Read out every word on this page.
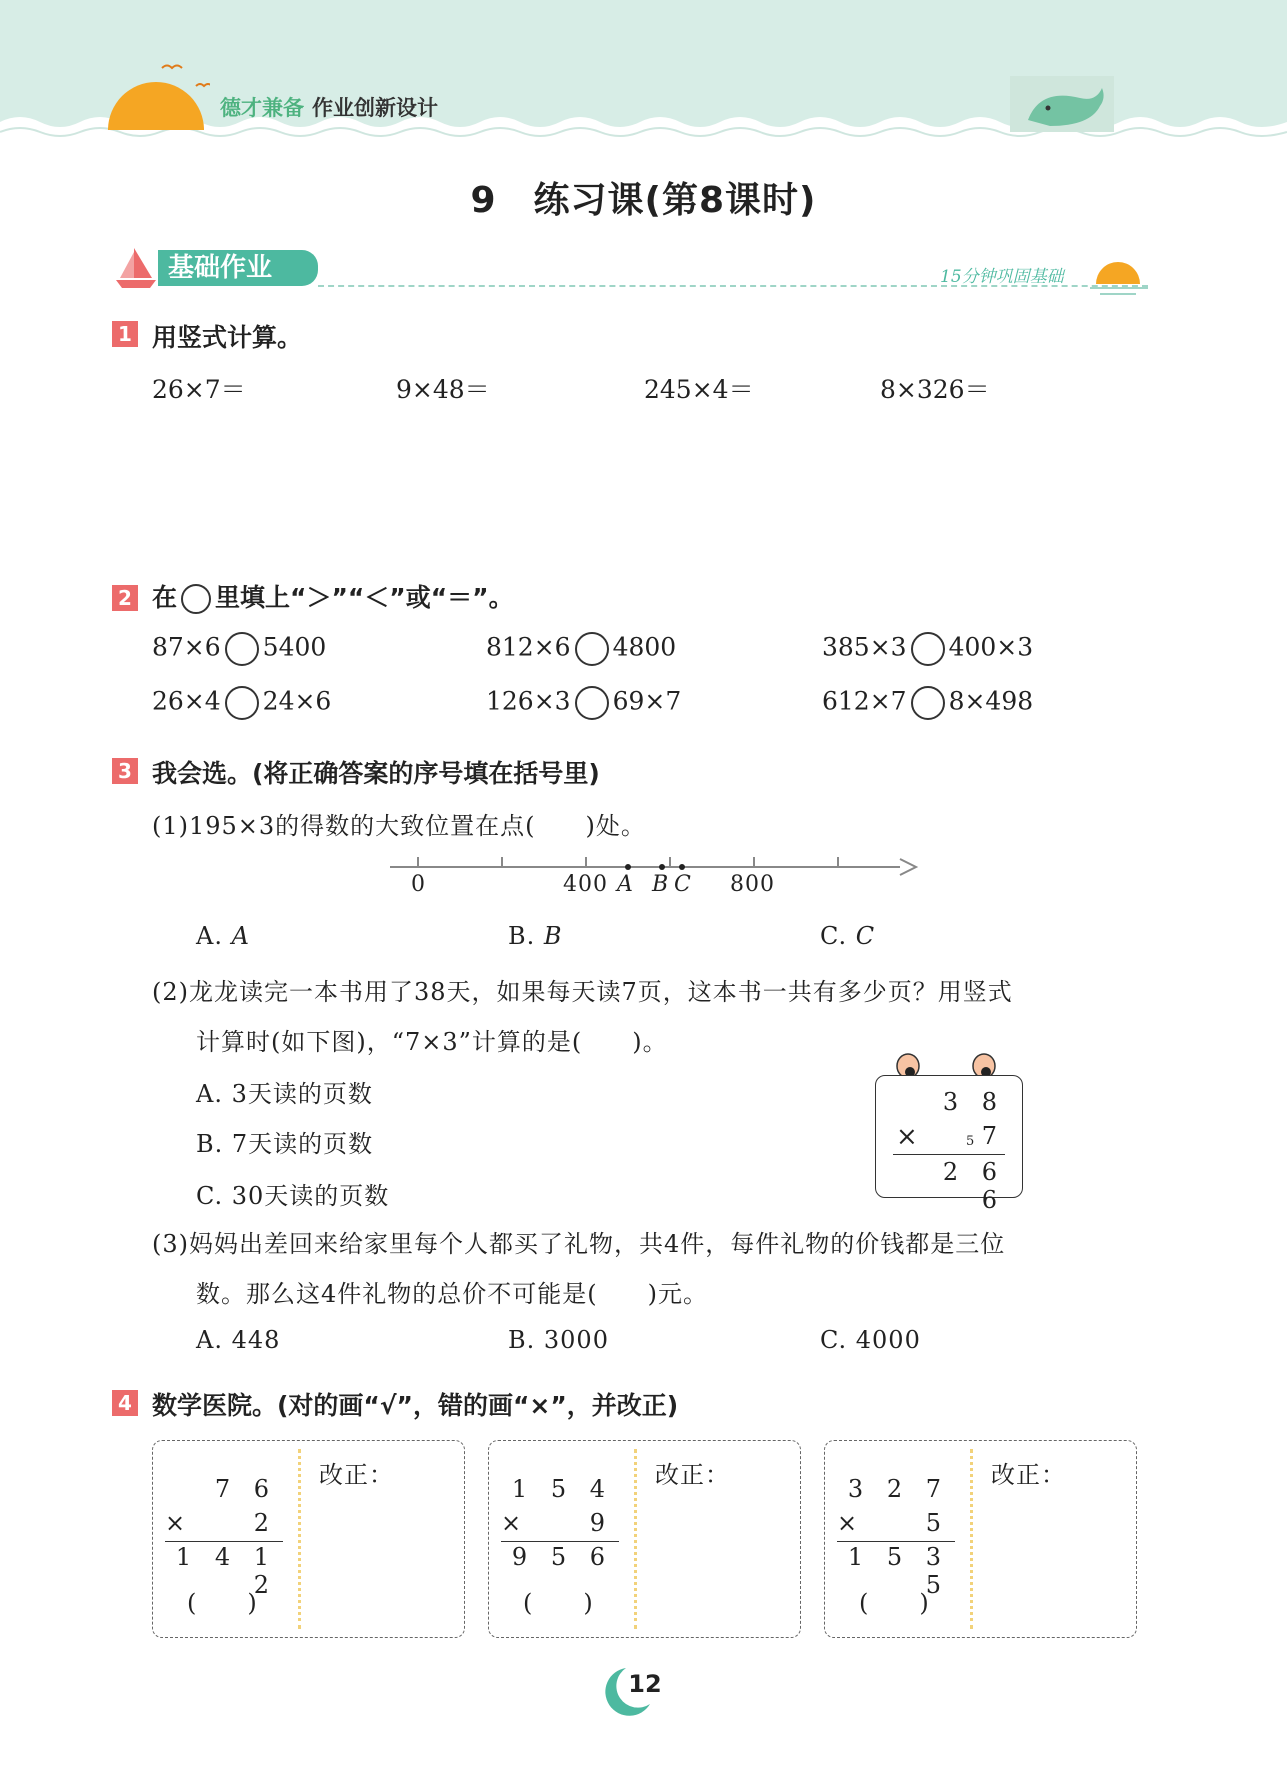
德才兼备 作业创新设计
9　练习课(第8课时)
基础作业	15分钟巩固基础
1 用竖式计算。
26×7＝	9×48＝	245×4＝	8×326＝
2 在 里填上“＞”“＜”或“＝”。
87×6 5400	812×6 4800	385×3 400×3
26×4 24×6	126×3 69×7	612×7 8×498
3 我会选。(将正确答案的序号填在括号里)
(1)195×3的得数的大致位置在点(　　)处。
0	400 A B C 800
A. A	B. B	C. C
(2)龙龙读完一本书用了38天，如果每天读7页，这本书一共有多少页？用竖式
计算时(如下图)，“7×3”计算的是(　　)。
A. 3天读的页数
B. 7天读的页数
C. 30天读的页数
3 8
×	5 7
2 6 6
(3)妈妈出差回来给家里每个人都买了礼物，共4件，每件礼物的价钱都是三位
数。那么这4件礼物的总价不可能是(　　)元。
A. 448	B. 3000	C. 4000
4 数学医院。(对的画“√”，错的画“×”，并改正)
改正：
7 6
×	2
1 4 1 2
(　　)
改正：
1 5 4
×	9
9 5 6
(　　)
改正：
3 2 7
×	5
1 5 3 5
(　　)
12
